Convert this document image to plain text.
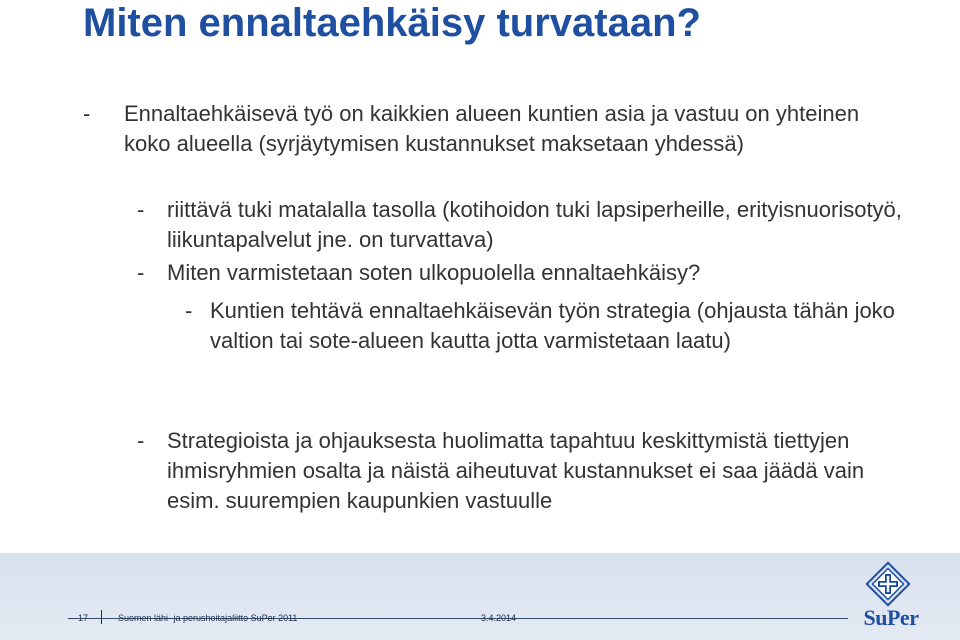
Miten ennaltaehkäisy turvataan?
- Ennaltaehkäisevä työ on kaikkien alueen kuntien asia ja vastuu on yhteinen koko alueella (syrjäytymisen kustannukset maksetaan yhdessä)
- riittävä tuki matalalla tasolla (kotihoidon tuki lapsiperheille, erityisnuorisotyö, liikuntapalvelut jne. on turvattava)
- Miten varmistetaan soten ulkopuolella ennaltaehkäisy?
- Kuntien tehtävä ennaltaehkäisevän työn strategia (ohjausta tähän joko valtion tai sote-alueen kautta jotta varmistetaan laatu)
- Strategioista ja ohjauksesta huolimatta tapahtuu keskittymistä tiettyjen ihmisryhmien osalta ja näistä aiheutuvat kustannukset ei saa jäädä vain esim. suurempien kaupunkien vastuulle
17	Suomen lähi- ja perushoitajaliitto SuPer 2011	3.4.2014	SuPer
